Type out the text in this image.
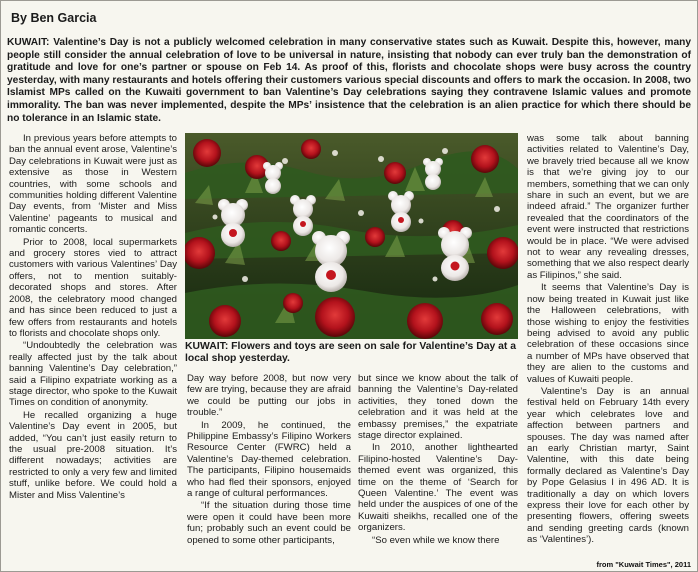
By Ben Garcia

KUWAIT: Valentine’s Day is not a publicly welcomed celebration in many conservative states such as Kuwait. Despite this, however, many people still consider the annual celebration of love to be universal in nature, insisting that nobody can ever truly ban the demonstration of gratitude and love for one’s partner or spouse on Feb 14. As proof of this, florists and chocolate shops were busy across the country yesterday, with many restaurants and hotels offering their customers various special discounts and offers to mark the occasion. In 2008, two Islamist MPs called on the Kuwaiti government to ban Valentine’s Day celebrations saying they contravene Islamic values and promote immorality. The ban was never implemented, despite the MPs’ insistence that the celebration is an alien practice for which there should be no tolerance in an Islamic state.

In previous years before attempts to ban the annual event arose, Valentine’s Day celebrations in Kuwait were just as extensive as those in Western countries, with some schools and communities holding different Valentine Day events, from ‘Mister and Miss Valentine’ pageants to musical and romantic concerts.

Prior to 2008, local supermarkets and grocery stores vied to attract customers with various Valentines’ Day offers, not to mention suitably-decorated shops and stores. After 2008, the celebratory mood changed and has since been reduced to just a few offers from restaurants and hotels to florists and chocolate shops only.

“Undoubtedly the celebration was really affected just by the talk about banning Valentine’s Day celebration,” said a Filipino expatriate working as a stage director, who spoke to the Kuwait Times on condition of anonymity.

He recalled organizing a huge Valentine’s Day event in 2005, but added, “You can’t just easily return to the usual pre-2008 situation. It’s different nowadays; activities are restricted to only a very few and limited stuff, unlike before. We could hold a Mister and Miss Valentine’s

KUWAIT: Flowers and toys are seen on sale for Valentine’s Day at a local shop yesterday.

Day way before 2008, but now very few are trying, because they are afraid we could be putting our jobs in trouble.”

In 2009, he continued, the Philippine Embassy’s Filipino Workers Resource Center (FWRC) held a Valentine’s Day-themed celebration. The participants, Filipino housemaids who had fled their sponsors, enjoyed a range of cultural performances.

“If the situation during those time were open it could have been more fun; probably such an event could be opened to some other participants,

but since we know about the talk of banning the Valentine’s Day-related activities, they toned down the celebration and it was held at the embassy premises,” the expatriate stage director explained.

In 2010, another lighthearted Filipino-hosted Valentine’s Day-themed event was organized, this time on the theme of ‘Search for Queen Valentine.’ The event was held under the auspices of one of the Kuwaiti sheikhs, recalled one of the organizers.

“So even while we know there

was some talk about banning activities related to Valentine’s Day, we bravely tried because all we know is that we’re giving joy to our members, something that we can only share in such an event, but we are indeed afraid.” The organizer further revealed that the coordinators of the event were instructed that restrictions would be in place. “We were advised not to wear any revealing dresses, something that we also respect dearly as Filipinos,” she said.

It seems that Valentine’s Day is now being treated in Kuwait just like the Halloween celebrations, with those wishing to enjoy the festivities being advised to avoid any public celebration of these occasions since a number of MPs have observed that they are alien to the customs and values of Kuwaiti people.

Valentine’s Day is an annual festival held on February 14th every year which celebrates love and affection between partners and spouses. The day was named after an early Christian martyr, Saint Valentine, with this date being formally declared as Valentine’s Day by Pope Gelasius I in 496 AD. It is traditionally a day on which lovers express their love for each other by presenting flowers, offering sweets and sending greeting cards (known as ‘Valentines’).

from "Kuwait Times", 2011
